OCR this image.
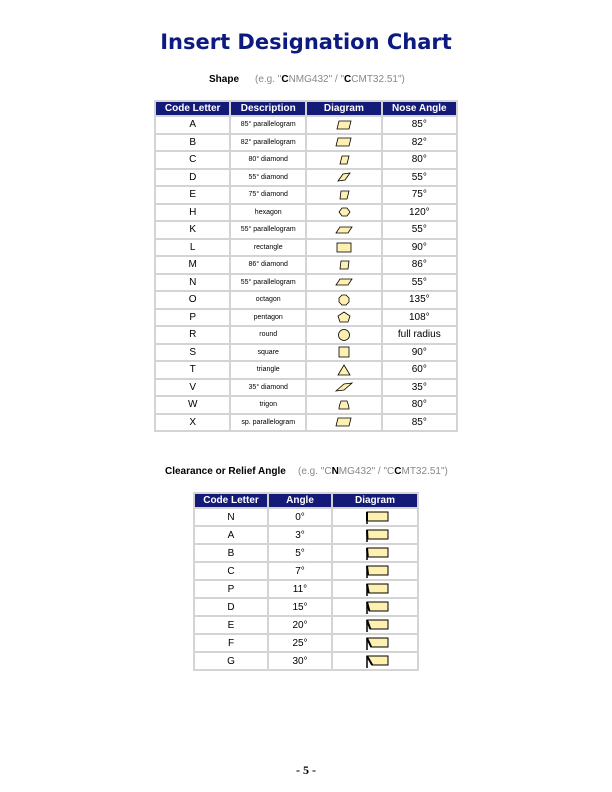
Insert Designation Chart
Shape (e.g. "CNMG432" / "CCMT32.51")
Code Letter	Description	Diagram	Nose Angle
A	85° parallelogram		85°
B	82° parallelogram		82°
C	80° diamond		80°
D	55° diamond		55°
E	75° diamond		75°
H	hexagon		120°
K	55° parallelogram		55°
L	rectangle		90°
M	86° diamond		86°
N	55° parallelogram		55°
O	octagon		135°
P	pentagon		108°
R	round		full radius
S	square		90°
T	triangle		60°
V	35° diamond		35°
W	trigon		80°
X	sp. parallelogram		85°
Clearance or Relief Angle (e.g. "CNMG432" / "CCMT32.51")
Code Letter	Angle	Diagram
N	0°	

A	3°	

B	5°	

C	7°	

P	11°	

D	15°	

E	20°	

F	25°	

G	30°	
- 5 -
